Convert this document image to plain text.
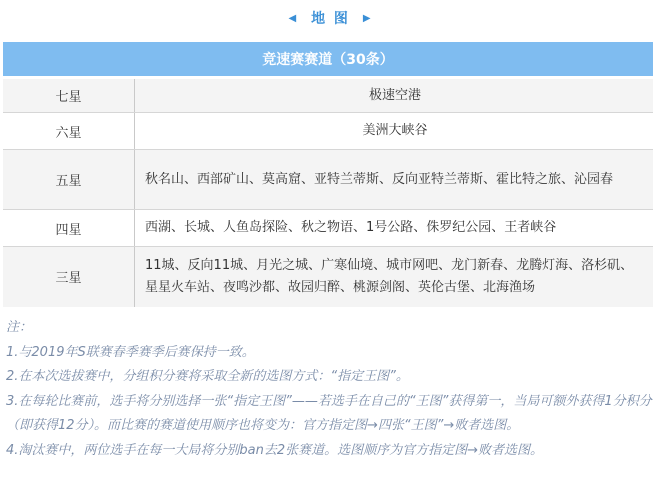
◀ 地 图 ▶
竞速赛赛道（30条）	
七星	极速空港
六星	美洲大峡谷
五星	秋名山、西部矿山、莫高窟、亚特兰蒂斯、反向亚特兰蒂斯、霍比特之旅、沁园春
四星	西湖、长城、人鱼岛探险、秋之物语、1号公路、侏罗纪公园、王者峡谷
三星	11城、反向11城、月光之城、广寒仙境、城市网吧、龙门新春、龙腾灯海、洛杉矶、星星火车站、夜鸣沙都、故园归醉、桃源剑阁、英伦古堡、北海渔场
注：
1.与2019年S联赛春季赛季后赛保持一致。
2.在本次选拔赛中，分组积分赛将采取全新的选图方式：“指定王图”。
3.在每轮比赛前，选手将分别选择一张“指定王图”——若选手在自己的“王图”获得第一，当局可额外获得1分积分（即获得12分）。而比赛的赛道使用顺序也将变为：官方指定图→四张“王图”→败者选图。
4.淘汰赛中，两位选手在每一大局将分别ban去2张赛道。选图顺序为官方指定图→败者选图。
